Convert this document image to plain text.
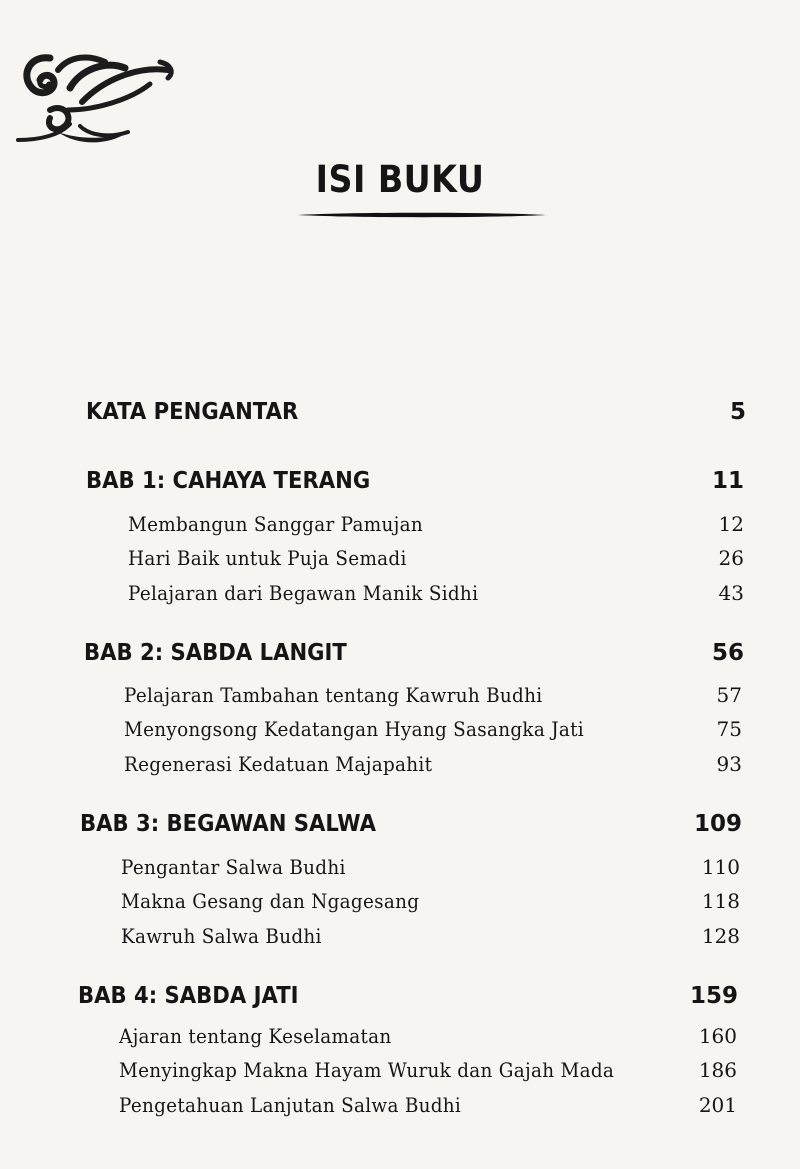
ISI BUKU
KATA PENGANTAR	5
BAB 1: CAHAYA TERANG	11
Membangun Sanggar Pamujan	12
Hari Baik untuk Puja Semadi	26
Pelajaran dari Begawan Manik Sidhi	43
BAB 2: SABDA LANGIT	56
Pelajaran Tambahan tentang Kawruh Budhi	57
Menyongsong Kedatangan Hyang Sasangka Jati	75
Regenerasi Kedatuan Majapahit	93
BAB 3: BEGAWAN SALWA	109
Pengantar Salwa Budhi	110
Makna Gesang dan Ngagesang	118
Kawruh Salwa Budhi	128
BAB 4: SABDA JATI	159
Ajaran tentang Keselamatan	160
Menyingkap Makna Hayam Wuruk dan Gajah Mada	186
Pengetahuan Lanjutan Salwa Budhi	201
